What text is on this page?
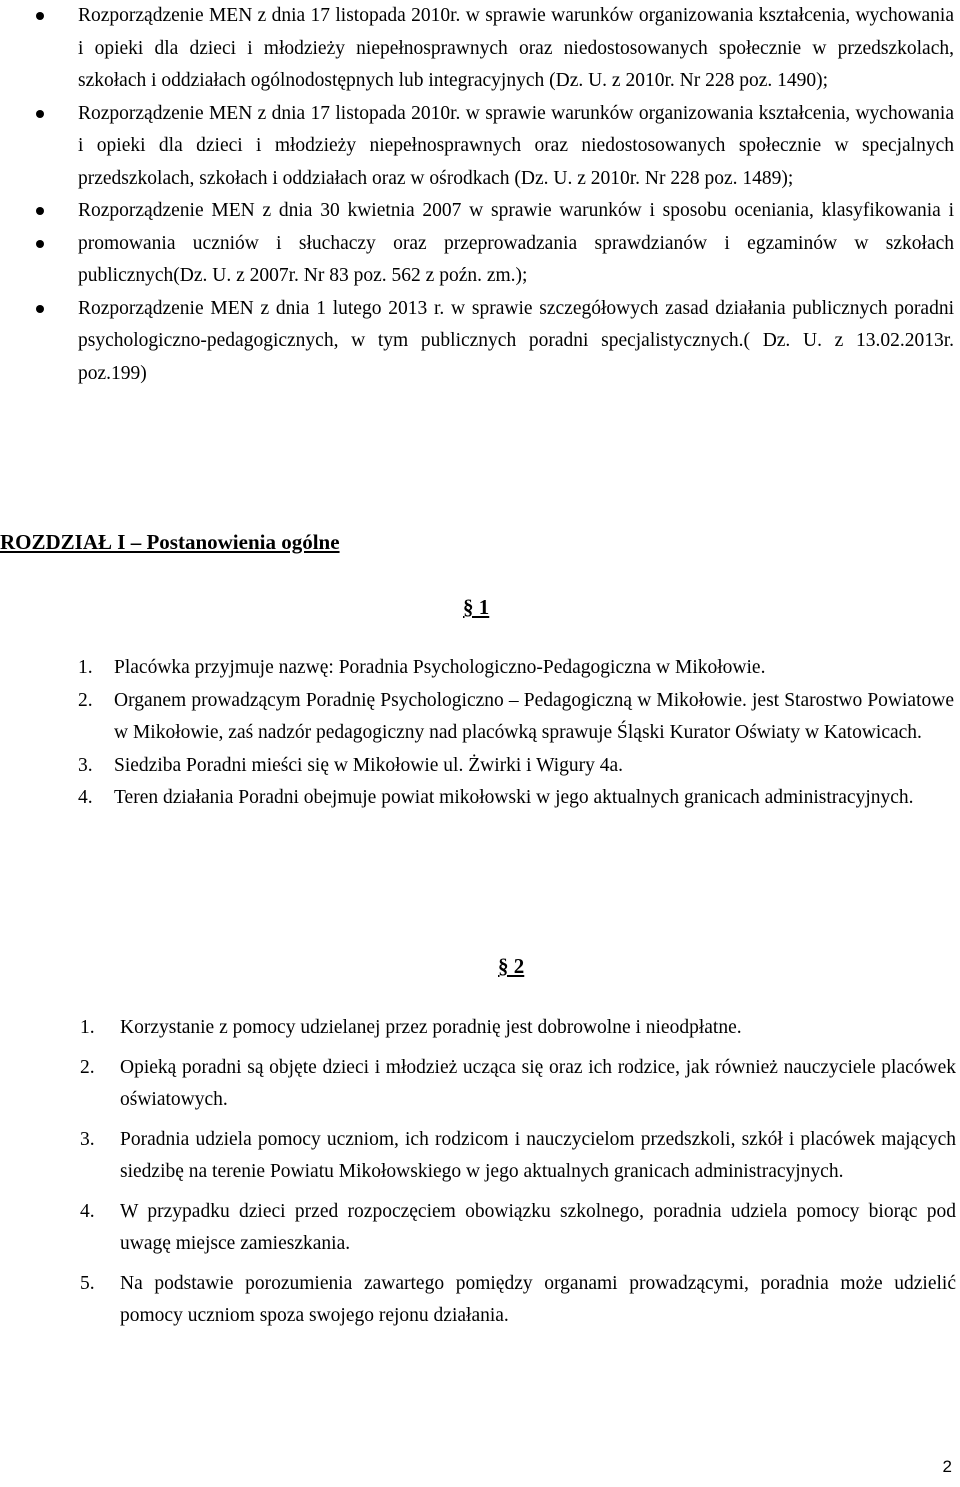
Rozporządzenie MEN z dnia 17 listopada 2010r. w sprawie warunków organizowania kształcenia, wychowania i opieki dla dzieci i młodzieży niepełnosprawnych oraz niedostosowanych społecznie w przedszkolach, szkołach i oddziałach ogólnodostępnych lub integracyjnych (Dz. U. z 2010r. Nr 228 poz. 1490);
Rozporządzenie MEN z dnia 17 listopada 2010r. w sprawie warunków organizowania kształcenia, wychowania i opieki dla dzieci i młodzieży niepełnosprawnych oraz niedostosowanych społecznie w specjalnych przedszkolach, szkołach i oddziałach oraz w ośrodkach (Dz. U. z 2010r. Nr 228 poz. 1489);
Rozporządzenie MEN z dnia 30 kwietnia 2007 w sprawie warunków i sposobu oceniania, klasyfikowania i promowania uczniów i słuchaczy oraz przeprowadzania sprawdzianów i egzaminów w szkołach publicznych(Dz. U. z 2007r. Nr 83 poz. 562 z poźn. zm.);
Rozporządzenie MEN z dnia 1 lutego 2013 r. w sprawie szczegółowych zasad działania publicznych poradni psychologiczno-pedagogicznych, w tym publicznych poradni specjalistycznych.( Dz. U. z 13.02.2013r. poz.199)
ROZDZIAŁ I – Postanowienia ogólne
§ 1
1. Placówka przyjmuje nazwę: Poradnia Psychologiczno-Pedagogiczna w Mikołowie.
2. Organem prowadzącym Poradnię Psychologiczno – Pedagogiczną w Mikołowie. jest Starostwo Powiatowe w Mikołowie, zaś nadzór pedagogiczny nad placówką sprawuje Śląski Kurator Oświaty w Katowicach.
3. Siedziba Poradni mieści się w Mikołowie ul. Żwirki i Wigury 4a.
4. Teren działania Poradni obejmuje powiat mikołowski w jego aktualnych granicach administracyjnych.
§ 2
1. Korzystanie z pomocy udzielanej przez poradnię jest dobrowolne i nieodpłatne.
2. Opieką poradni są objęte dzieci i młodzież ucząca się oraz ich rodzice, jak również nauczyciele placówek oświatowych.
3. Poradnia udziela pomocy uczniom, ich rodzicom i nauczycielom przedszkoli, szkół i placówek mających siedzibę na terenie Powiatu Mikołowskiego w jego aktualnych granicach administracyjnych.
4. W przypadku dzieci przed rozpoczęciem obowiązku szkolnego, poradnia udziela pomocy biorąc pod uwagę miejsce zamieszkania.
5. Na podstawie porozumienia zawartego pomiędzy organami prowadzącymi, poradnia może udzielić pomocy uczniom spoza swojego rejonu działania.
2
